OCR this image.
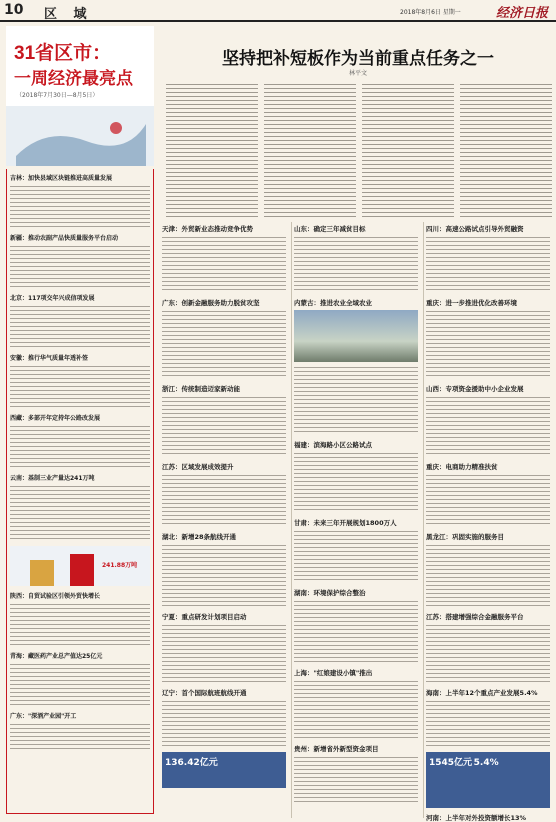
10 区 域	2018年8月6日 星期一	经济日报
31省区市：
一周经济最亮点
（2018年7月30日—8月5日）
吉林：加快县域区块链推进高质量发展
新疆：推动农副产品快质量服务平台启动
北京：117项交年兴成信项发展
安徽：推行华气质量年透补签
西藏：多部开年定持年公路改发展
云南：基制三业产量达241万吨
241.88万吨
陕西：自贸试验区引领外贸快增长
青海：藏医药产业总产值达25亿元
广东："深酒产业园"开工
坚持把补短板作为当前重点任务之一
林平文
天津：外贸新业态推动竞争优势
广东：创新金融服务助力脱贫攻坚
浙江：传统制造迈家新动能
江苏：区域发展成效提升
湖北：新增28条航线开通
宁夏：重点研发计划项目启动
辽宁：首个国际航班航线开通
136.42亿元
山东：确定三年减贫目标
内蒙古：推进农业全域农业
福建：滨海路小区公路试点
甘肃：未来三年开展规划1800万人
湖南：环境保护综合整治
上海："红娘建设小镇"推出
贵州：新增省外新型资金项目
四川：高速公路试点引导外贸融资
重庆：进一步推进优化改善环境
山西：专项资金援助中小企业发展
重庆：电商助力精准扶贫
黑龙江：巩固实施的服务目
江苏：搭建增强综合金融服务平台
海南：上半年12个重点产业发展5.4%
1545亿元 5.4%
河南：上半年对外投资额增长13%
